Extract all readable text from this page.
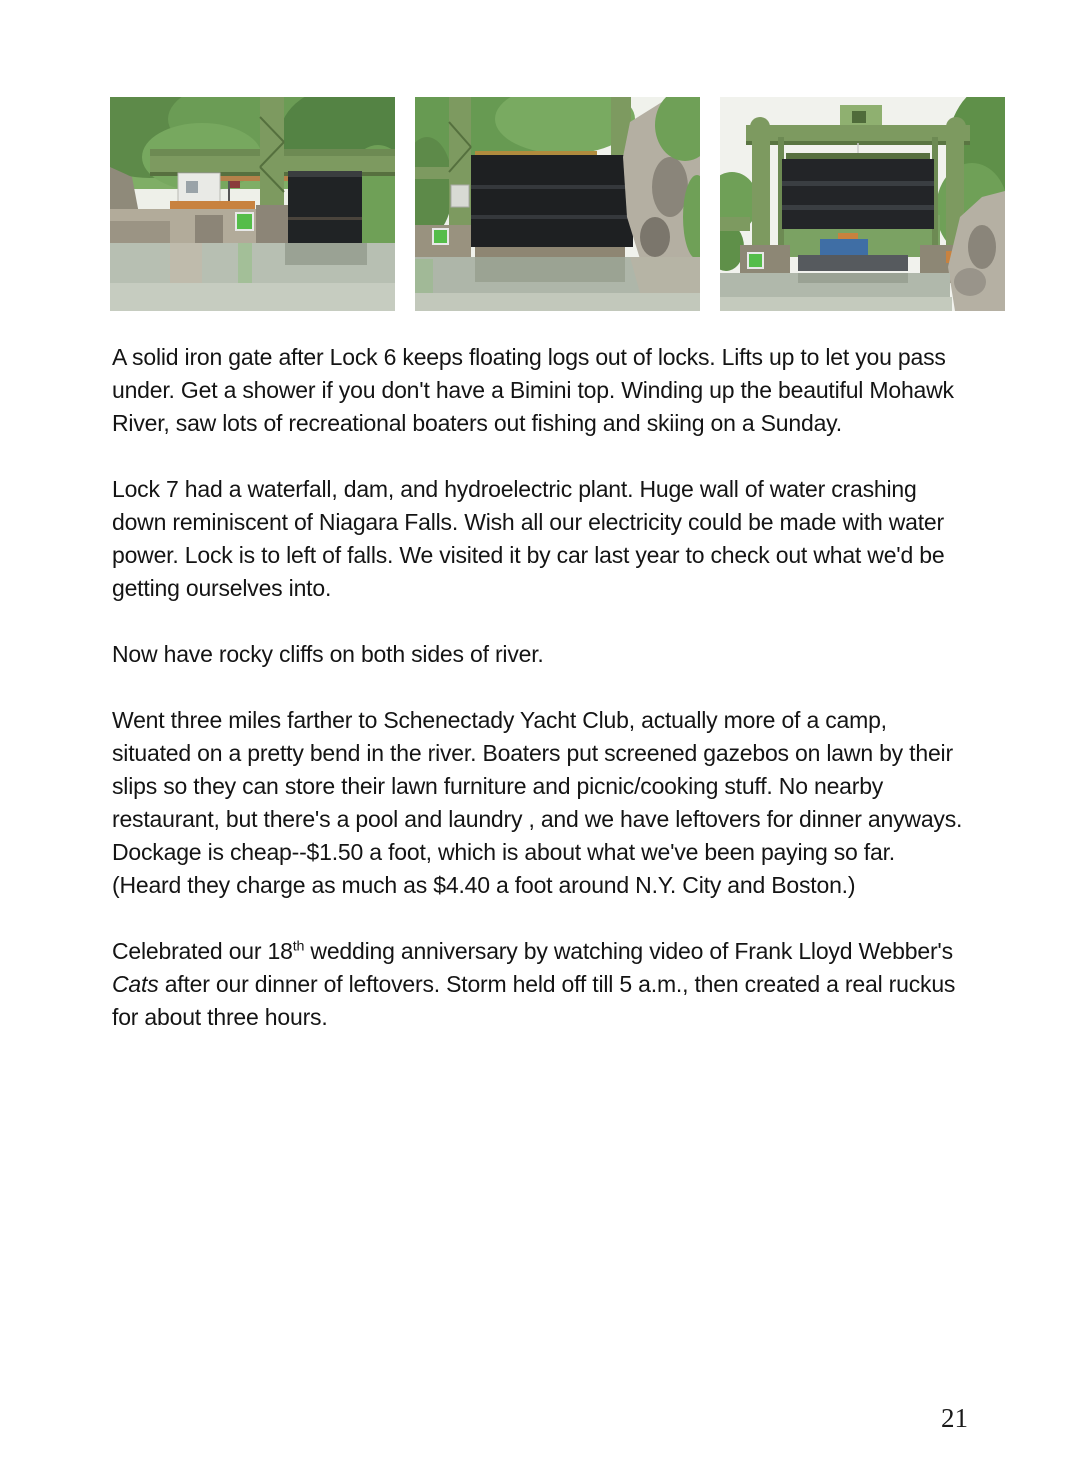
A solid iron gate after Lock 6 keeps floating logs out of locks. Lifts up to let you pass under. Get a shower if you don't have a Bimini top. Winding up the beautiful Mohawk River, saw lots of recreational boaters out fishing and skiing on a Sunday.

Lock 7 had a waterfall, dam, and hydroelectric plant. Huge wall of water crashing down reminiscent of Niagara Falls. Wish all our electricity could be made with water power. Lock is to left of falls. We visited it by car last year to check out what we'd be getting ourselves into.

Now have rocky cliffs on both sides of river.

Went three miles farther to Schenectady Yacht Club, actually more of a camp, situated on a pretty bend in the river. Boaters put screened gazebos on lawn by their slips so they can store their lawn furniture and picnic/cooking stuff. No nearby restaurant, but there's a pool and laundry , and we have leftovers for dinner anyways. Dockage is cheap--$1.50 a foot, which is about what we've been paying so far. (Heard they charge as much as $4.40 a foot around N.Y. City and Boston.)

Celebrated our 18th wedding anniversary by watching video of Frank Lloyd Webber's Cats after our dinner of leftovers. Storm held off till 5 a.m., then created a real ruckus for about three hours.

21
